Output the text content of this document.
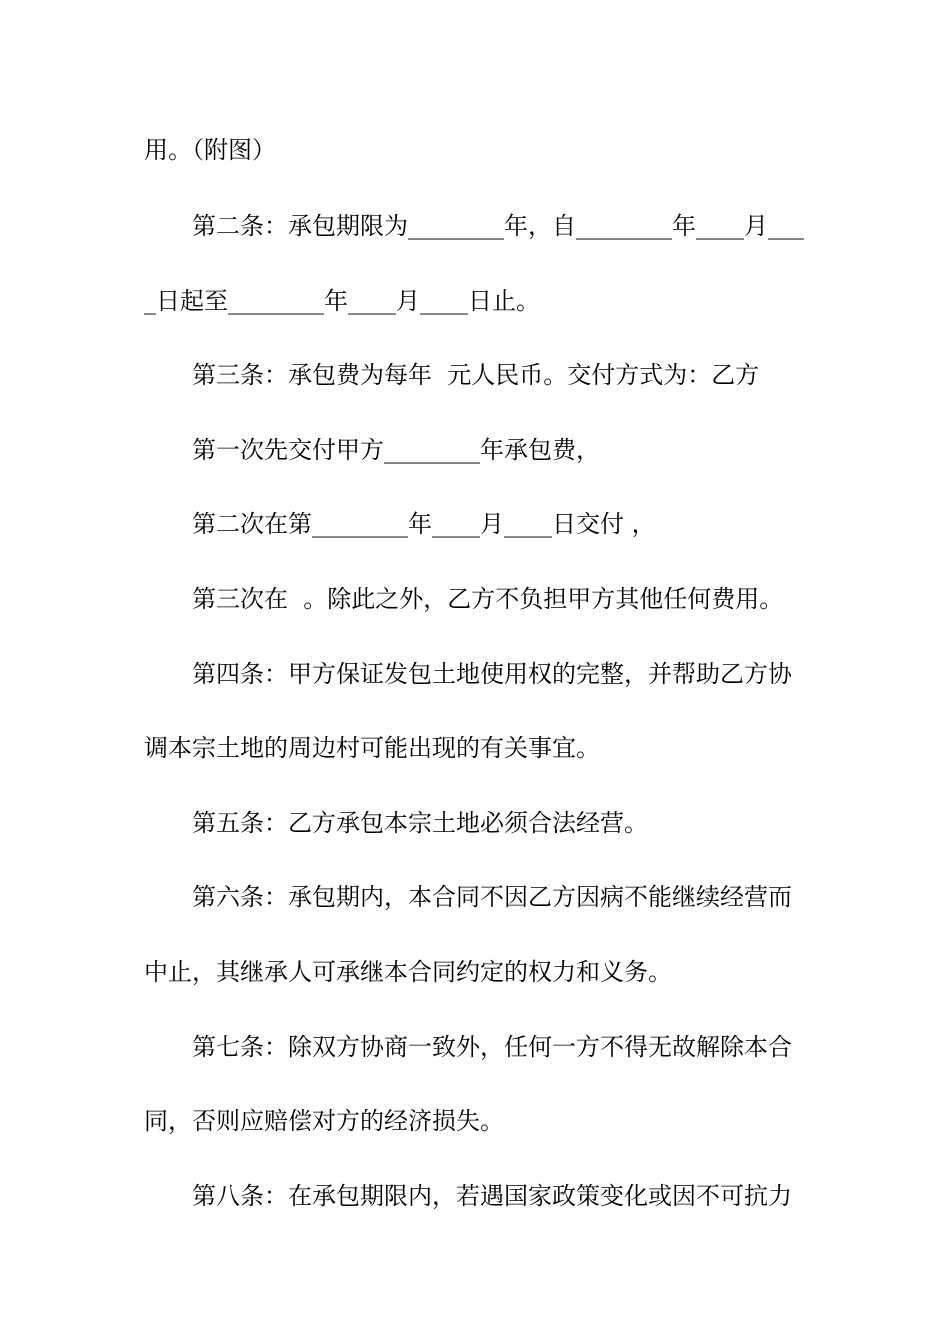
用。（附图）
第二条：承包期限为________年，自________年____月___
_日起至________年____月____日止。
第三条：承包费为每年  元人民币。交付方式为：乙方
第一次先交付甲方________年承包费，
第二次在第________年____月____日交付 ，
第三次在  。除此之外，乙方不负担甲方其他任何费用。
第四条：甲方保证发包土地使用权的完整，并帮助乙方协
调本宗土地的周边村可能出现的有关事宜。
第五条：乙方承包本宗土地必须合法经营。
第六条：承包期内，本合同不因乙方因病不能继续经营而
中止，其继承人可承继本合同约定的权力和义务。
第七条：除双方协商一致外，任何一方不得无故解除本合
同，否则应赔偿对方的经济损失。
第八条：在承包期限内，若遇国家政策变化或因不可抗力
